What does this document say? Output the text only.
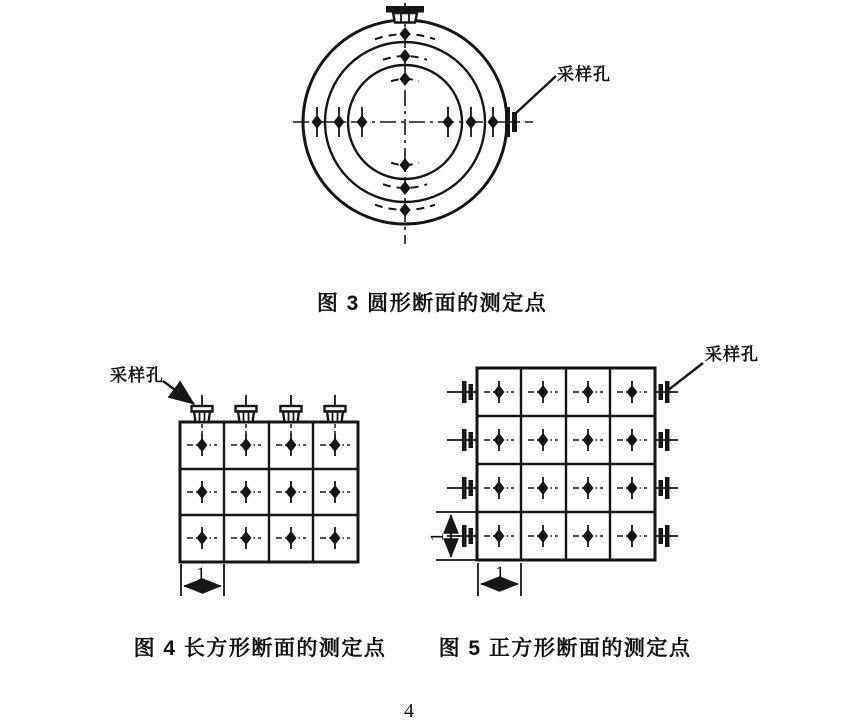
采样孔
采样孔
采样孔
图 3 圆形断面的测定点
图 4 长方形断面的测定点	图 5 正方形断面的测定点
1	1
1
4
